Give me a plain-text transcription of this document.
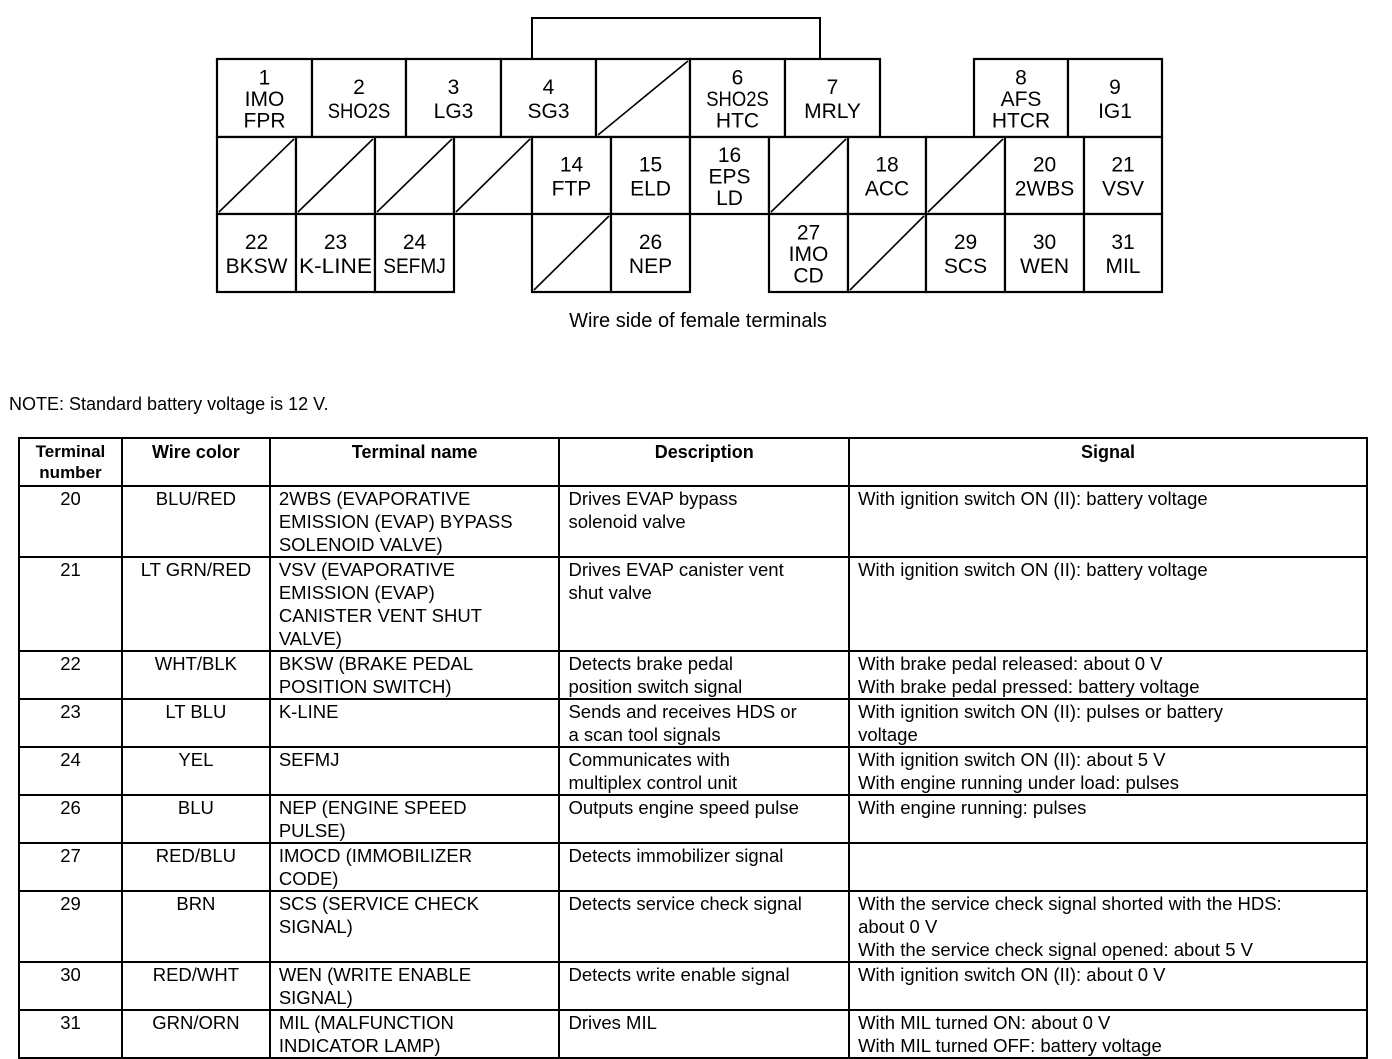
1
IMO
FPR
2
SHO2S
3
LG3
4
SG3
6
SHO2S
HTC
7
MRLY
8
AFS
HTCR
9
IG1
14
FTP
15
ELD
16
EPS
LD
18
ACC
20
2WBS
21
VSV
22
BKSW
23
K-LINE
24
SEFMJ
26
NEP
27
IMO
CD
29
SCS
30
WEN
31
MIL
Wire side of female terminals
NOTE: Standard battery voltage is 12 V.
Terminal
number	Wire color	Terminal name	Description	Signal
20	BLU/RED	2WBS (EVAPORATIVE
EMISSION (EVAP) BYPASS
SOLENOID VALVE)	Drives EVAP bypass
solenoid valve	With ignition switch ON (II): battery voltage

21	LT GRN/RED	VSV (EVAPORATIVE
EMISSION (EVAP)
CANISTER VENT SHUT
VALVE)	Drives EVAP canister vent
shut valve	With ignition switch ON (II): battery voltage

22	WHT/BLK	BKSW (BRAKE PEDAL
POSITION SWITCH)	Detects brake pedal
position switch signal	With brake pedal released: about 0 V
With brake pedal pressed: battery voltage

23	LT BLU	K-LINE	Sends and receives HDS or
a scan tool signals	With ignition switch ON (II): pulses or battery
voltage

24	YEL	SEFMJ	Communicates with
multiplex control unit	With ignition switch ON (II): about 5 V
With engine running under load: pulses

26	BLU	NEP (ENGINE SPEED
PULSE)	Outputs engine speed pulse	With engine running: pulses

27	RED/BLU	IMOCD (IMMOBILIZER
CODE)	Detects immobilizer signal	

29	BRN	SCS (SERVICE CHECK
SIGNAL)	Detects service check signal	With the service check signal shorted with the HDS:
about 0 V
With the service check signal opened: about 5 V

30	RED/WHT	WEN (WRITE ENABLE
SIGNAL)	Detects write enable signal	With ignition switch ON (II): about 0 V

31	GRN/ORN	MIL (MALFUNCTION
INDICATOR LAMP)	Drives MIL	With MIL turned ON: about 0 V
With MIL turned OFF: battery voltage
